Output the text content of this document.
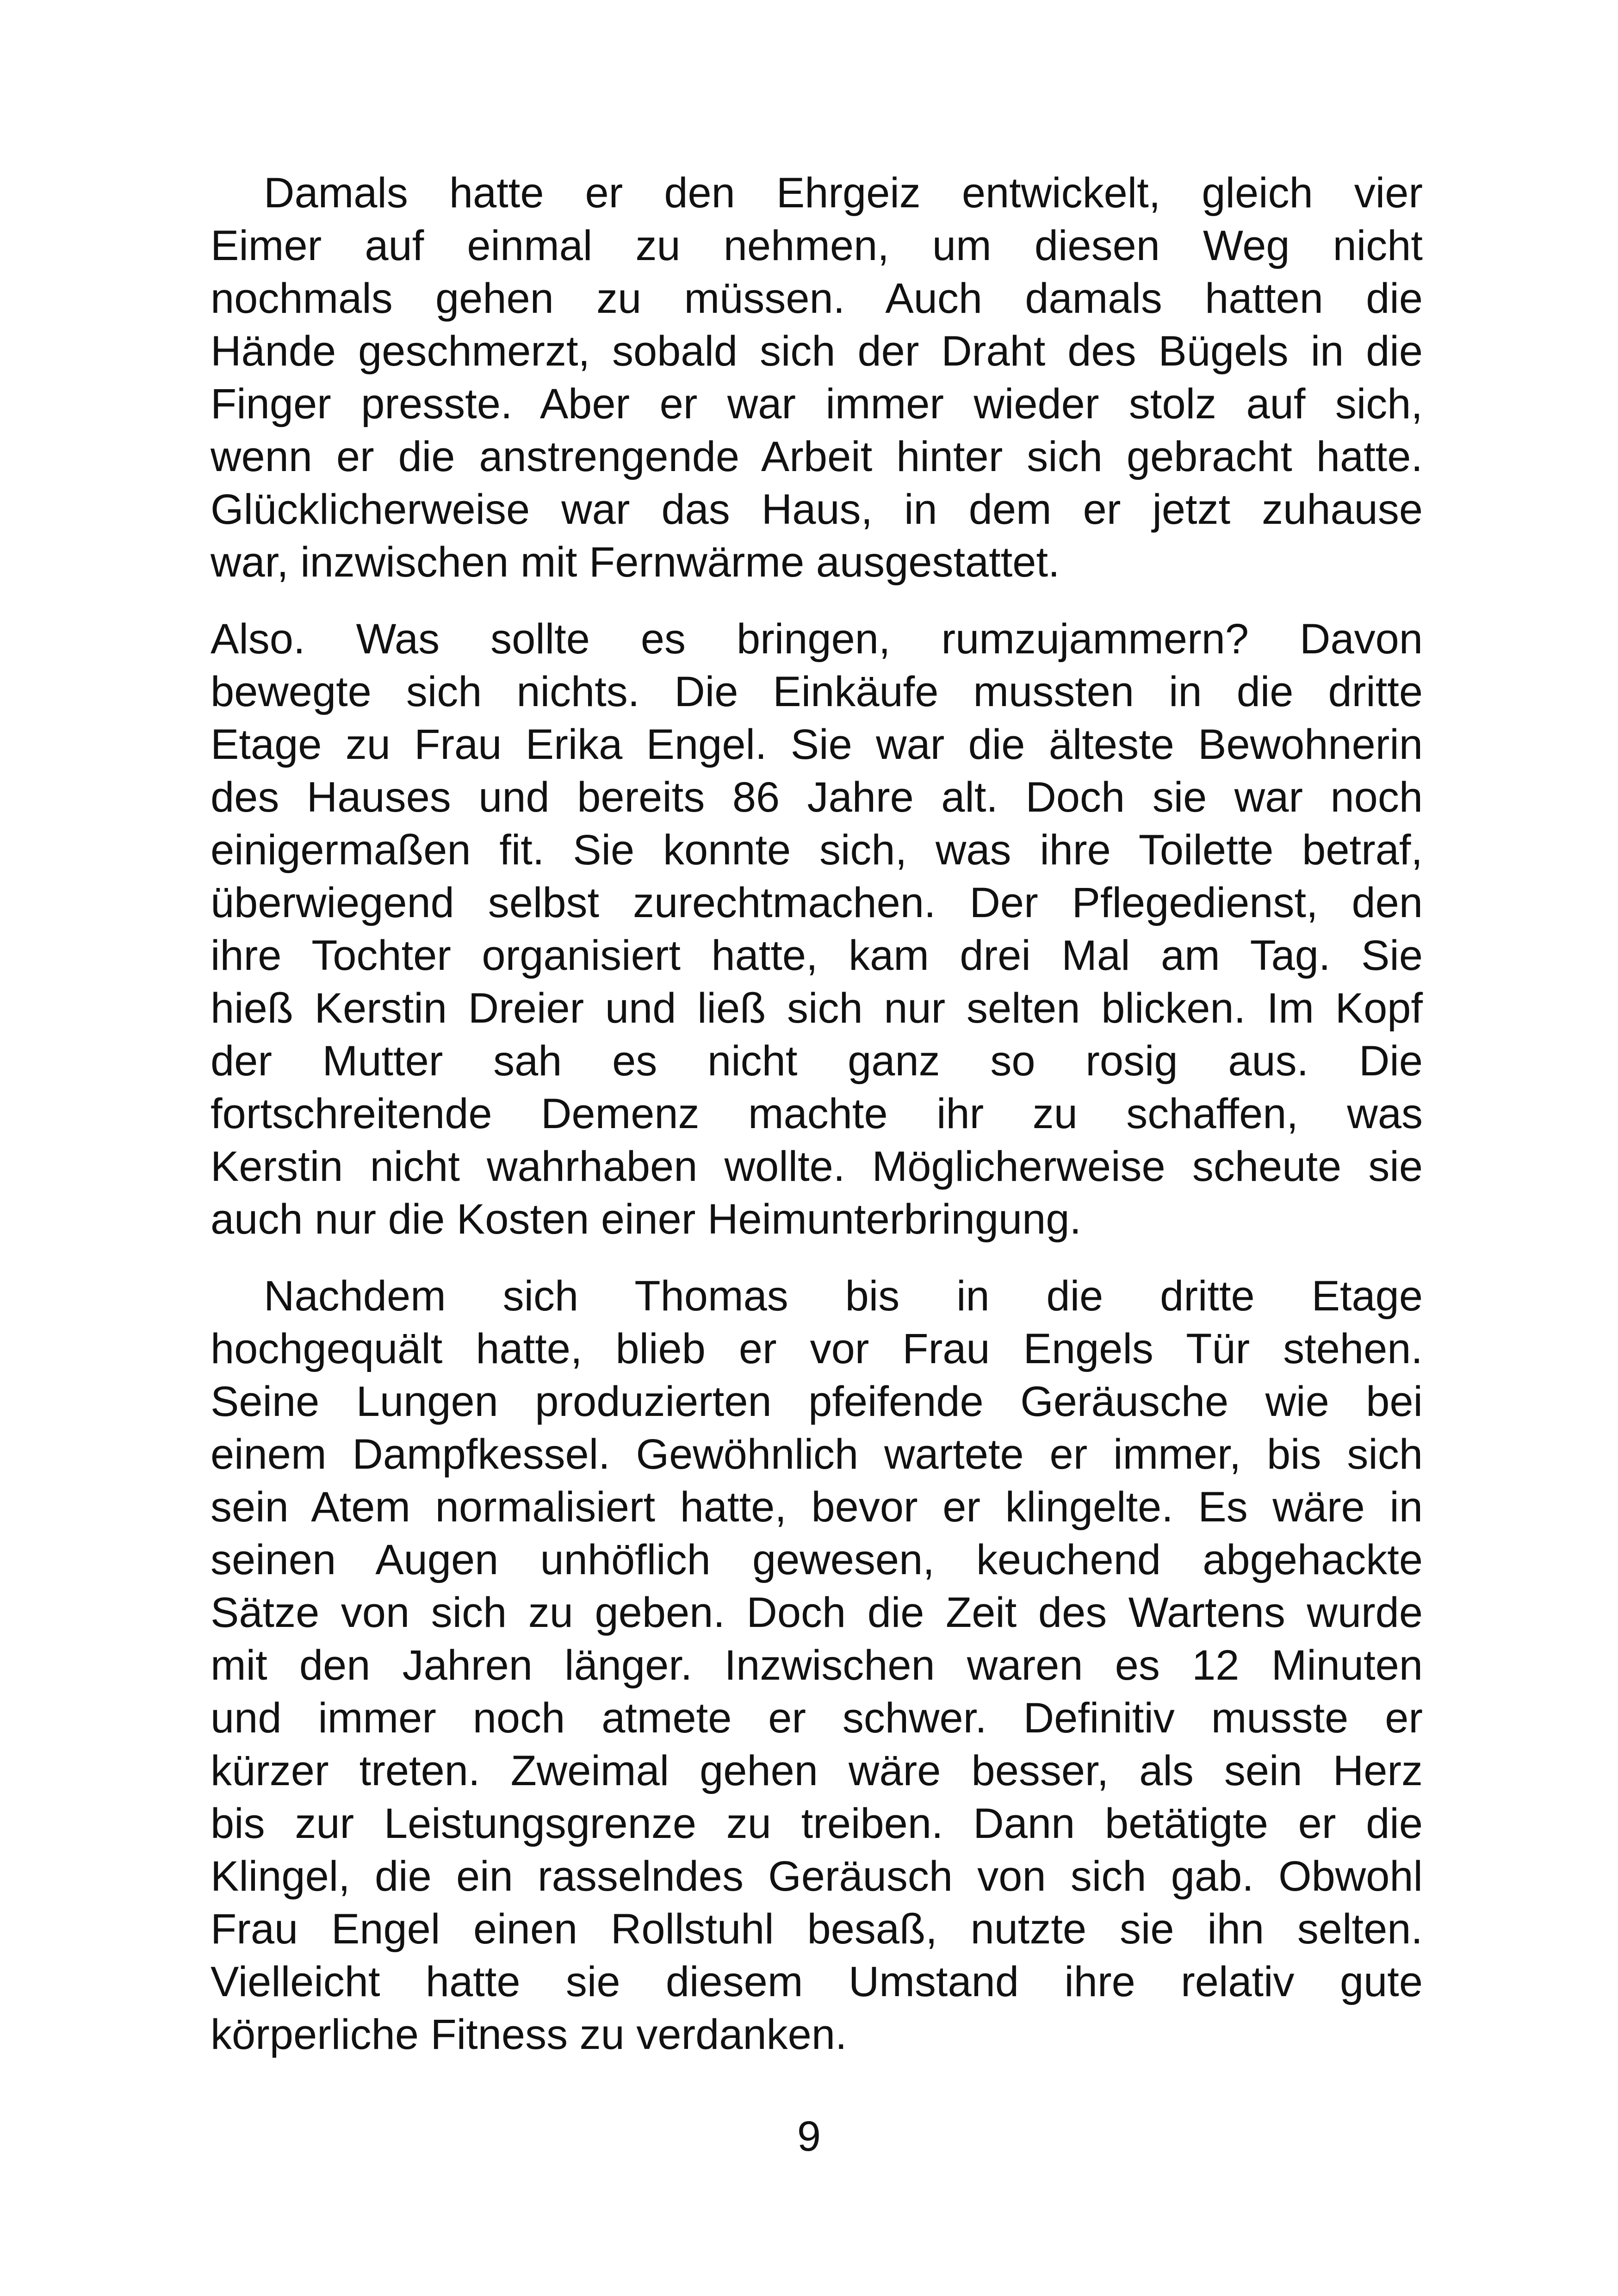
Damals hatte er den Ehrgeiz entwickelt, gleich vier
Eimer auf einmal zu nehmen, um diesen Weg nicht
nochmals gehen zu müssen. Auch damals hatten die
Hände geschmerzt, sobald sich der Draht des Bügels in die
Finger presste. Aber er war immer wieder stolz auf sich,
wenn er die anstrengende Arbeit hinter sich gebracht hatte.
Glücklicherweise war das Haus, in dem er jetzt zuhause
war, inzwischen mit Fernwärme ausgestattet.
Also. Was sollte es bringen, rumzujammern? Davon
bewegte sich nichts. Die Einkäufe mussten in die dritte
Etage zu Frau Erika Engel. Sie war die älteste Bewohnerin
des Hauses und bereits 86 Jahre alt. Doch sie war noch
einigermaßen fit. Sie konnte sich, was ihre Toilette betraf,
überwiegend selbst zurechtmachen. Der Pflegedienst, den
ihre Tochter organisiert hatte, kam drei Mal am Tag. Sie
hieß Kerstin Dreier und ließ sich nur selten blicken. Im Kopf
der Mutter sah es nicht ganz so rosig aus. Die
fortschreitende Demenz machte ihr zu schaffen, was
Kerstin nicht wahrhaben wollte. Möglicherweise scheute sie
auch nur die Kosten einer Heimunterbringung.
Nachdem sich Thomas bis in die dritte Etage
hochgequält hatte, blieb er vor Frau Engels Tür stehen.
Seine Lungen produzierten pfeifende Geräusche wie bei
einem Dampfkessel. Gewöhnlich wartete er immer, bis sich
sein Atem normalisiert hatte, bevor er klingelte. Es wäre in
seinen Augen unhöflich gewesen, keuchend abgehackte
Sätze von sich zu geben. Doch die Zeit des Wartens wurde
mit den Jahren länger. Inzwischen waren es 12 Minuten
und immer noch atmete er schwer. Definitiv musste er
kürzer treten. Zweimal gehen wäre besser, als sein Herz
bis zur Leistungsgrenze zu treiben. Dann betätigte er die
Klingel, die ein rasselndes Geräusch von sich gab. Obwohl
Frau Engel einen Rollstuhl besaß, nutzte sie ihn selten.
Vielleicht hatte sie diesem Umstand ihre relativ gute
körperliche Fitness zu verdanken.
9
